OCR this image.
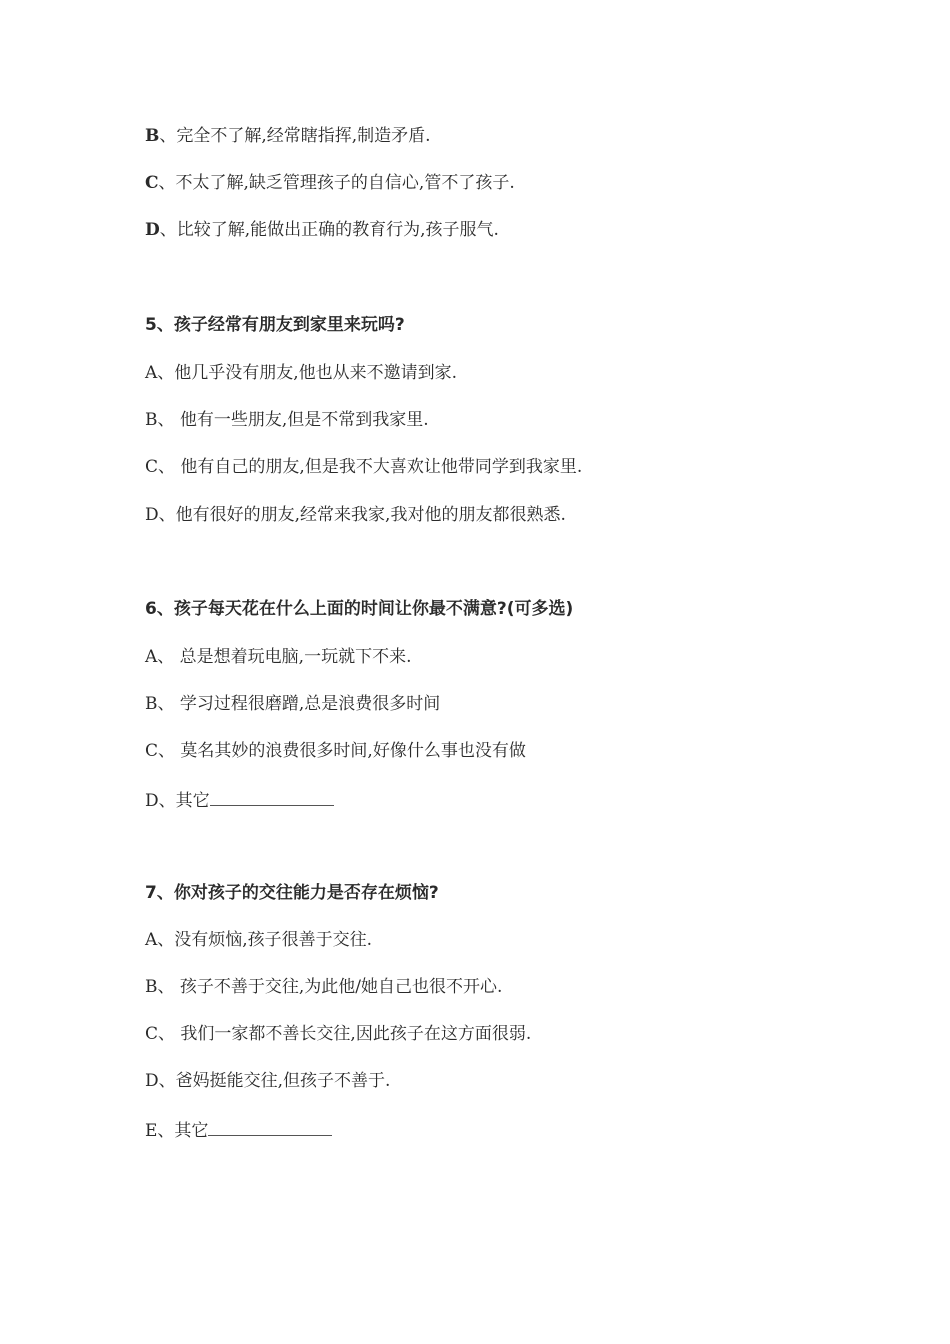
B、完全不了解,经常瞎指挥,制造矛盾.
C、不太了解,缺乏管理孩子的自信心,管不了孩子.
D、比较了解,能做出正确的教育行为,孩子服气.
5、孩子经常有朋友到家里来玩吗?
A、他几乎没有朋友,他也从来不邀请到家.
B、 他有一些朋友,但是不常到我家里.
C、 他有自己的朋友,但是我不大喜欢让他带同学到我家里.
D、他有很好的朋友,经常来我家,我对他的朋友都很熟悉.
6、孩子每天花在什么上面的时间让你最不满意?(可多选)
A、 总是想着玩电脑,一玩就下不来.
B、 学习过程很磨蹭,总是浪费很多时间
C、 莫名其妙的浪费很多时间,好像什么事也没有做
D、其它
7、你对孩子的交往能力是否存在烦恼?
A、没有烦恼,孩子很善于交往.
B、 孩子不善于交往,为此他/她自己也很不开心.
C、 我们一家都不善长交往,因此孩子在这方面很弱.
D、爸妈挺能交往,但孩子不善于.
E、其它
